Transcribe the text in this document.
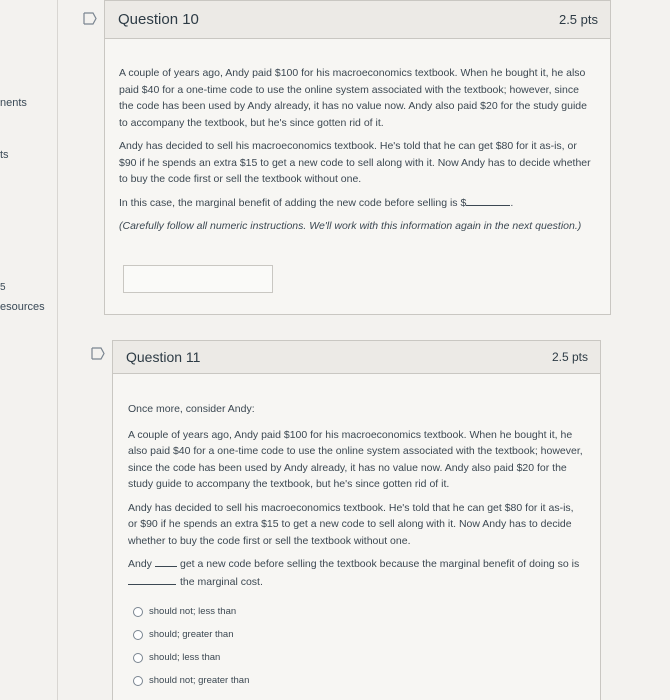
nents
ts
5
esources
Question 10	2.5 pts

A couple of years ago, Andy paid $100 for his macroeconomics textbook. When he bought it, he also paid $40 for a one-time code to use the online system associated with the textbook; however, since the code has been used by Andy already, it has no value now. Andy also paid $20 for the study guide to accompany the textbook, but he's since gotten rid of it.

Andy has decided to sell his macroeconomics textbook. He's told that he can get $80 for it as-is, or $90 if he spends an extra $15 to get a new code to sell along with it. Now Andy has to decide whether to buy the code first or sell the textbook without one.

In this case, the marginal benefit of adding the new code before selling is $	.

(Carefully follow all numeric instructions. We'll work with this information again in the next question.)

Question 11	2.5 pts

Once more, consider Andy:

A couple of years ago, Andy paid $100 for his macroeconomics textbook. When he bought it, he also paid $40 for a one-time code to use the online system associated with the textbook; however, since the code has been used by Andy already, it has no value now. Andy also paid $20 for the study guide to accompany the textbook, but he's since gotten rid of it.

Andy has decided to sell his macroeconomics textbook. He's told that he can get $80 for it as-is, or $90 if he spends an extra $15 to get a new code to sell along with it. Now Andy has to decide whether to buy the code first or sell the textbook without one.

Andy	get a new code before selling the textbook because the marginal benefit of doing so is
the marginal cost.
should not; less than
should; greater than
should; less than
should not; greater than
